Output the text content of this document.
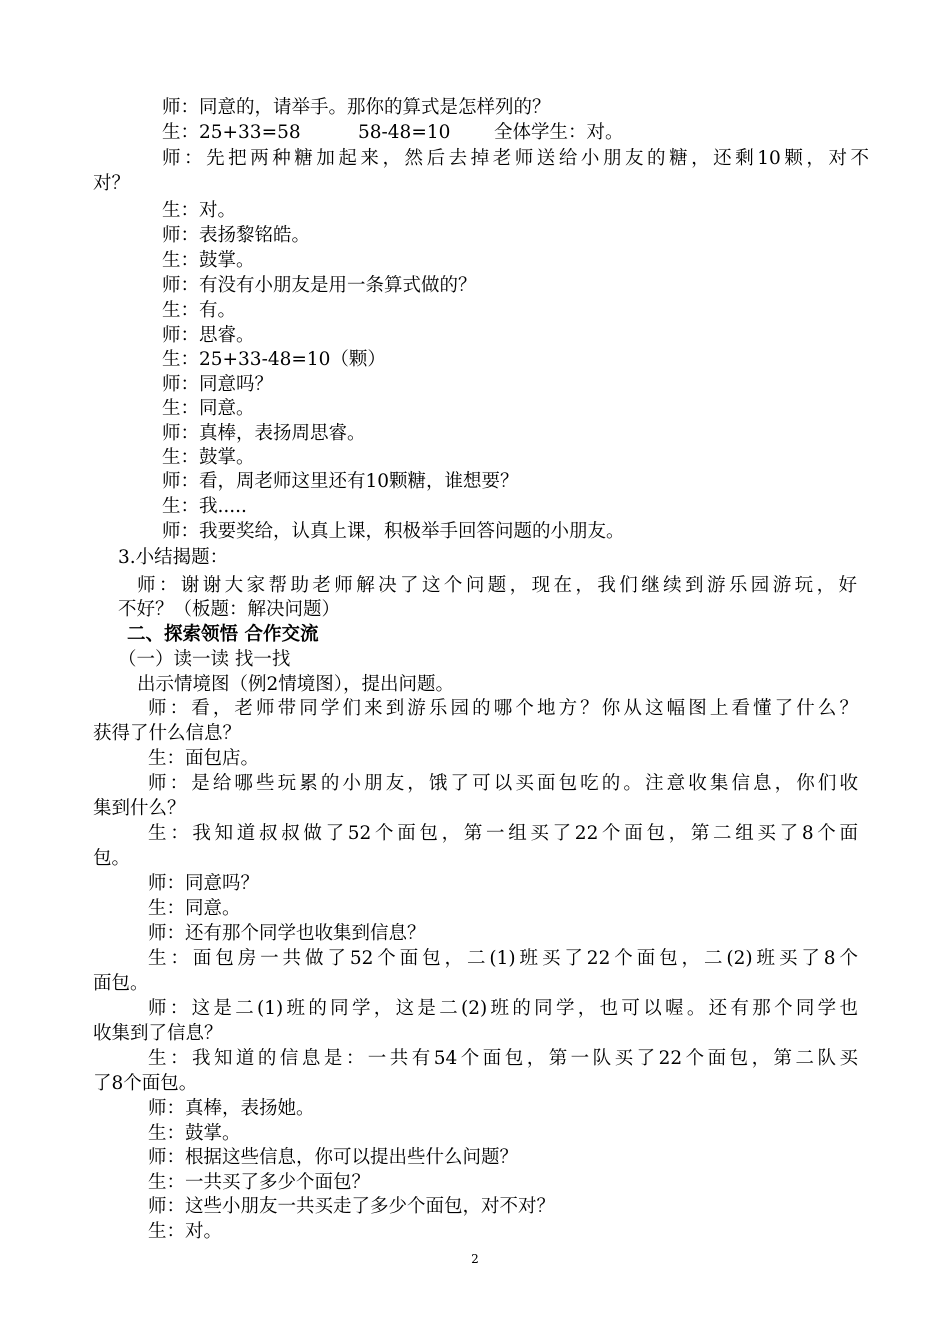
师：同意的，请举手。那你的算式是怎样列的？
生：25+33=58	58-48=10 全体学生：对。
师：先把两种糖加起来，然后去掉老师送给小朋友的糖，还剩10颗，对不
对？
生：对。
师：表扬黎铭皓。
生：鼓掌。
师：有没有小朋友是用一条算式做的？
生：有。
师：思睿。
生：25+33-48=10（颗）
师：同意吗？
生：同意。
师：真棒，表扬周思睿。
生：鼓掌。
师：看，周老师这里还有10颗糖，谁想要？
生：我.....
师：我要奖给，认真上课，积极举手回答问题的小朋友。
3.小结揭题：
师：谢谢大家帮助老师解决了这个问题，现在，我们继续到游乐园游玩，好
不好？（板题：解决问题）
二、探索领悟 合作交流
（一）读一读 找一找
出示情境图（例2情境图），提出问题。
师：看，老师带同学们来到游乐园的哪个地方？你从这幅图上看懂了什么？
获得了什么信息？
生：面包店。
师：是给哪些玩累的小朋友，饿了可以买面包吃的。注意收集信息，你们收
集到什么？
生：我知道叔叔做了52个面包，第一组买了22个面包，第二组买了8个面
包。
师：同意吗？
生：同意。
师：还有那个同学也收集到信息？
生：面包房一共做了52个面包，二(1)班买了22个面包，二(2)班买了8个
面包。
师：这是二(1)班的同学，这是二(2)班的同学，也可以喔。还有那个同学也
收集到了信息？
生：我知道的信息是：一共有54个面包，第一队买了22个面包，第二队买
了8个面包。
师：真棒，表扬她。
生：鼓掌。
师：根据这些信息，你可以提出些什么问题？
生：一共买了多少个面包？
师：这些小朋友一共买走了多少个面包，对不对？
生：对。
2
